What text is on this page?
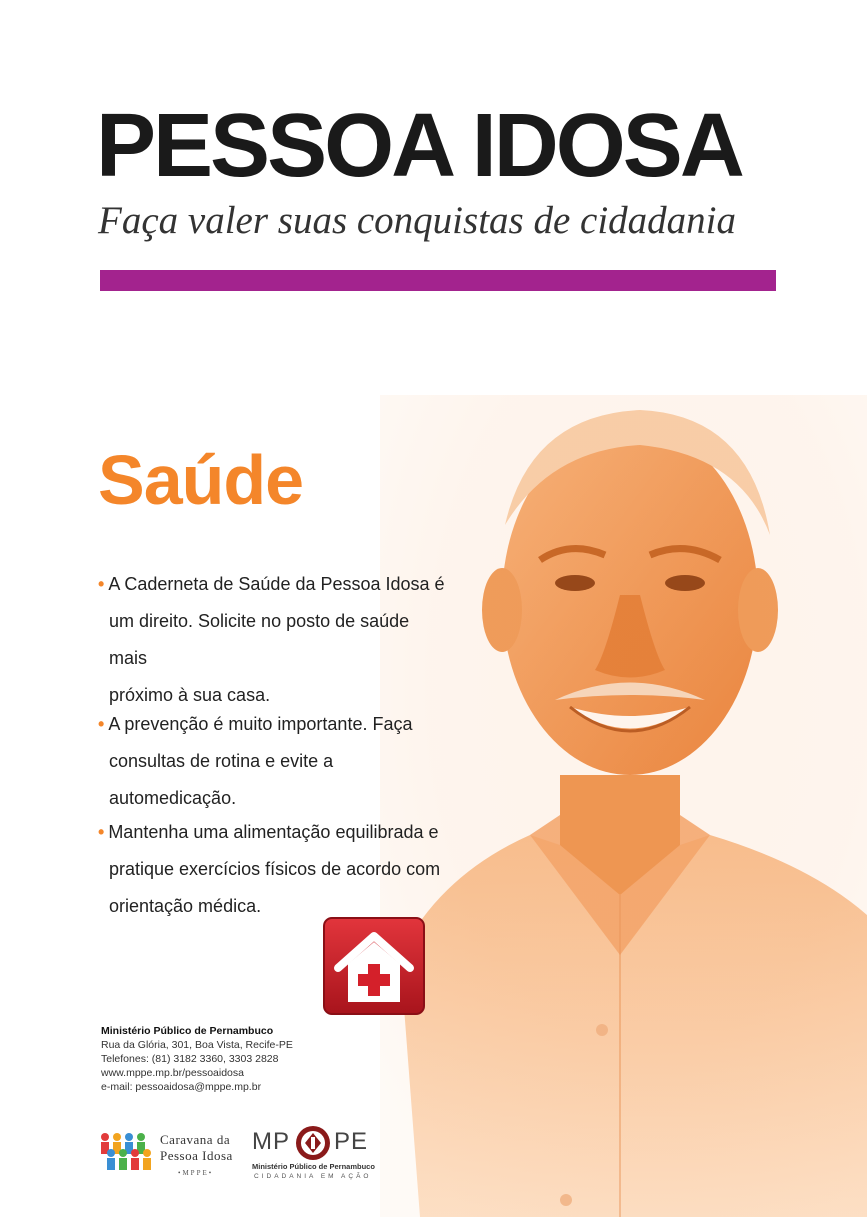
PESSOA IDOSA
Faça valer suas conquistas de cidadania
Saúde
• A Caderneta de Saúde da Pessoa Idosa é
um direito. Solicite no posto de saúde mais
próximo à sua casa.
• A prevenção é muito importante. Faça
consultas de rotina e evite a automedicação.
• Mantenha uma alimentação equilibrada e
pratique exercícios físicos de acordo com
orientação médica.
Ministério Público de Pernambuco
Rua da Glória, 301, Boa Vista, Recife-PE
Telefones: (81) 3182 3360, 3303 2828
www.mppe.mp.br/pessoaidosa
e-mail: pessoaidosa@mppe.mp.br
Caravana da
Pessoa Idosa
•MPPE•
MP PE
Ministério Público de Pernambuco
CIDADANIA EM AÇÃO
